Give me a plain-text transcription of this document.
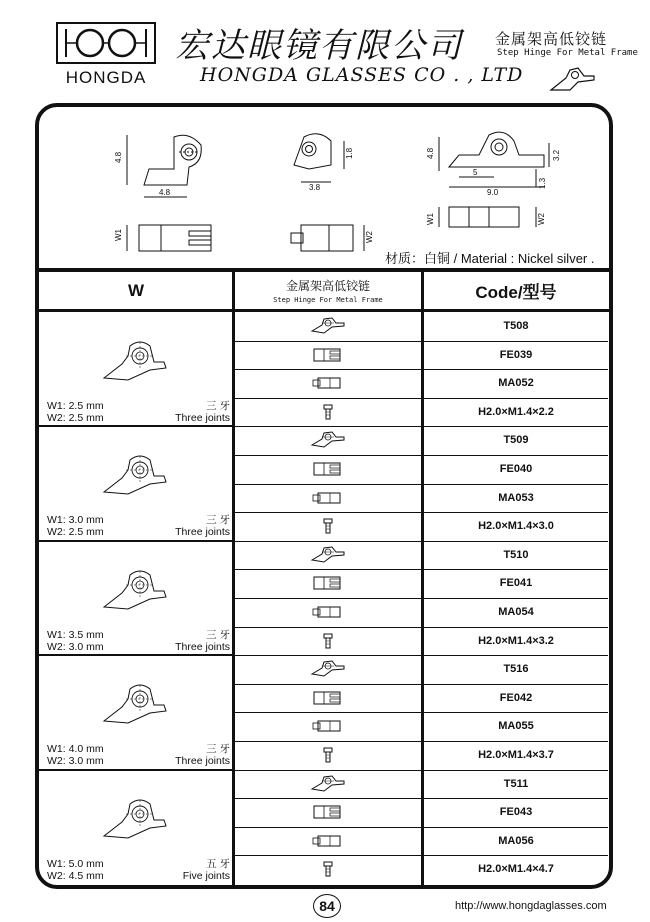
HONGDA
宏达眼镜有限公司
HONGDA GLASSES CO . , LTD
金属架高低铰链
Step Hinge For Metal Frame
4.8
4.8
W1
1.8
3.8
W2
4.8
5
9.0
3.2
1.3
W1	W2
材质：白铜 / Material : Nickel silver .
W	金属架高低铰链
Step Hinge For Metal Frame	Code/型号
W1: 2.5 mm
W2: 2.5 mm
三 牙
Three joints
T508
FE039
MA052
H2.0×M1.4×2.2
W1: 3.0 mm
W2: 2.5 mm
三 牙
Three joints
T509
FE040
MA053
H2.0×M1.4×3.0
W1: 3.5 mm
W2: 3.0 mm
三 牙
Three joints
T510
FE041
MA054
H2.0×M1.4×3.2
W1: 4.0 mm
W2: 3.0 mm
三 牙
Three joints
T516
FE042
MA055
H2.0×M1.4×3.7
W1: 5.0 mm
W2: 4.5 mm
五 牙
Five joints
T511
FE043
MA056
H2.0×M1.4×4.7
84	http://www.hongdaglasses.com
